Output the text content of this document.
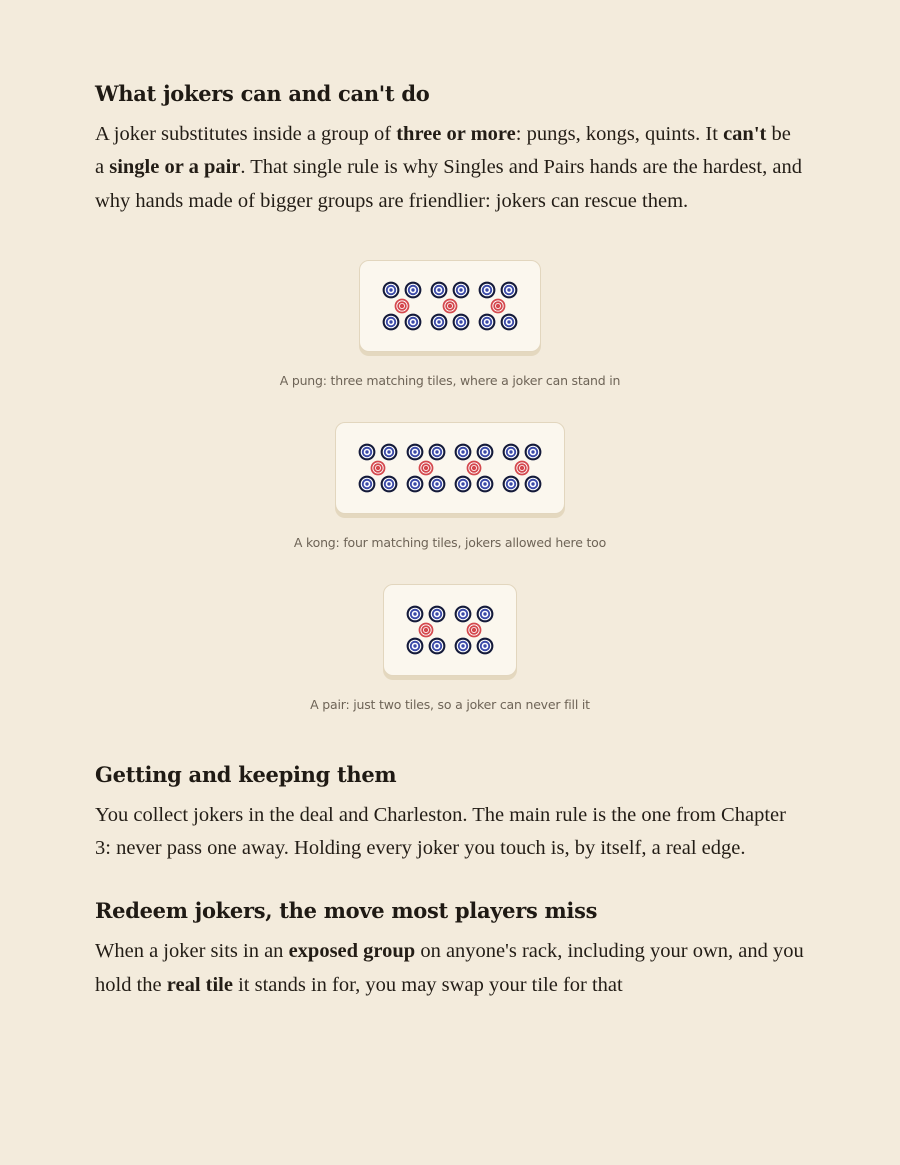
What jokers can and can't do

A joker substitutes inside a group of three or more: pungs, kongs, quints. It can't be a single or a pair. That single rule is why Singles and Pairs hands are the hardest, and why hands made of bigger groups are friendlier: jokers can rescue them.

A pung: three matching tiles, where a joker can stand in
A kong: four matching tiles, jokers allowed here too
A pair: just two tiles, so a joker can never fill it
Getting and keeping them

You collect jokers in the deal and Charleston. The main rule is the one from Chapter 3: never pass one away. Holding every joker you touch is, by itself, a real edge.

Redeem jokers, the move most players miss

When a joker sits in an exposed group on anyone's rack, including your own, and you hold the real tile it stands in for, you may swap your tile for that
